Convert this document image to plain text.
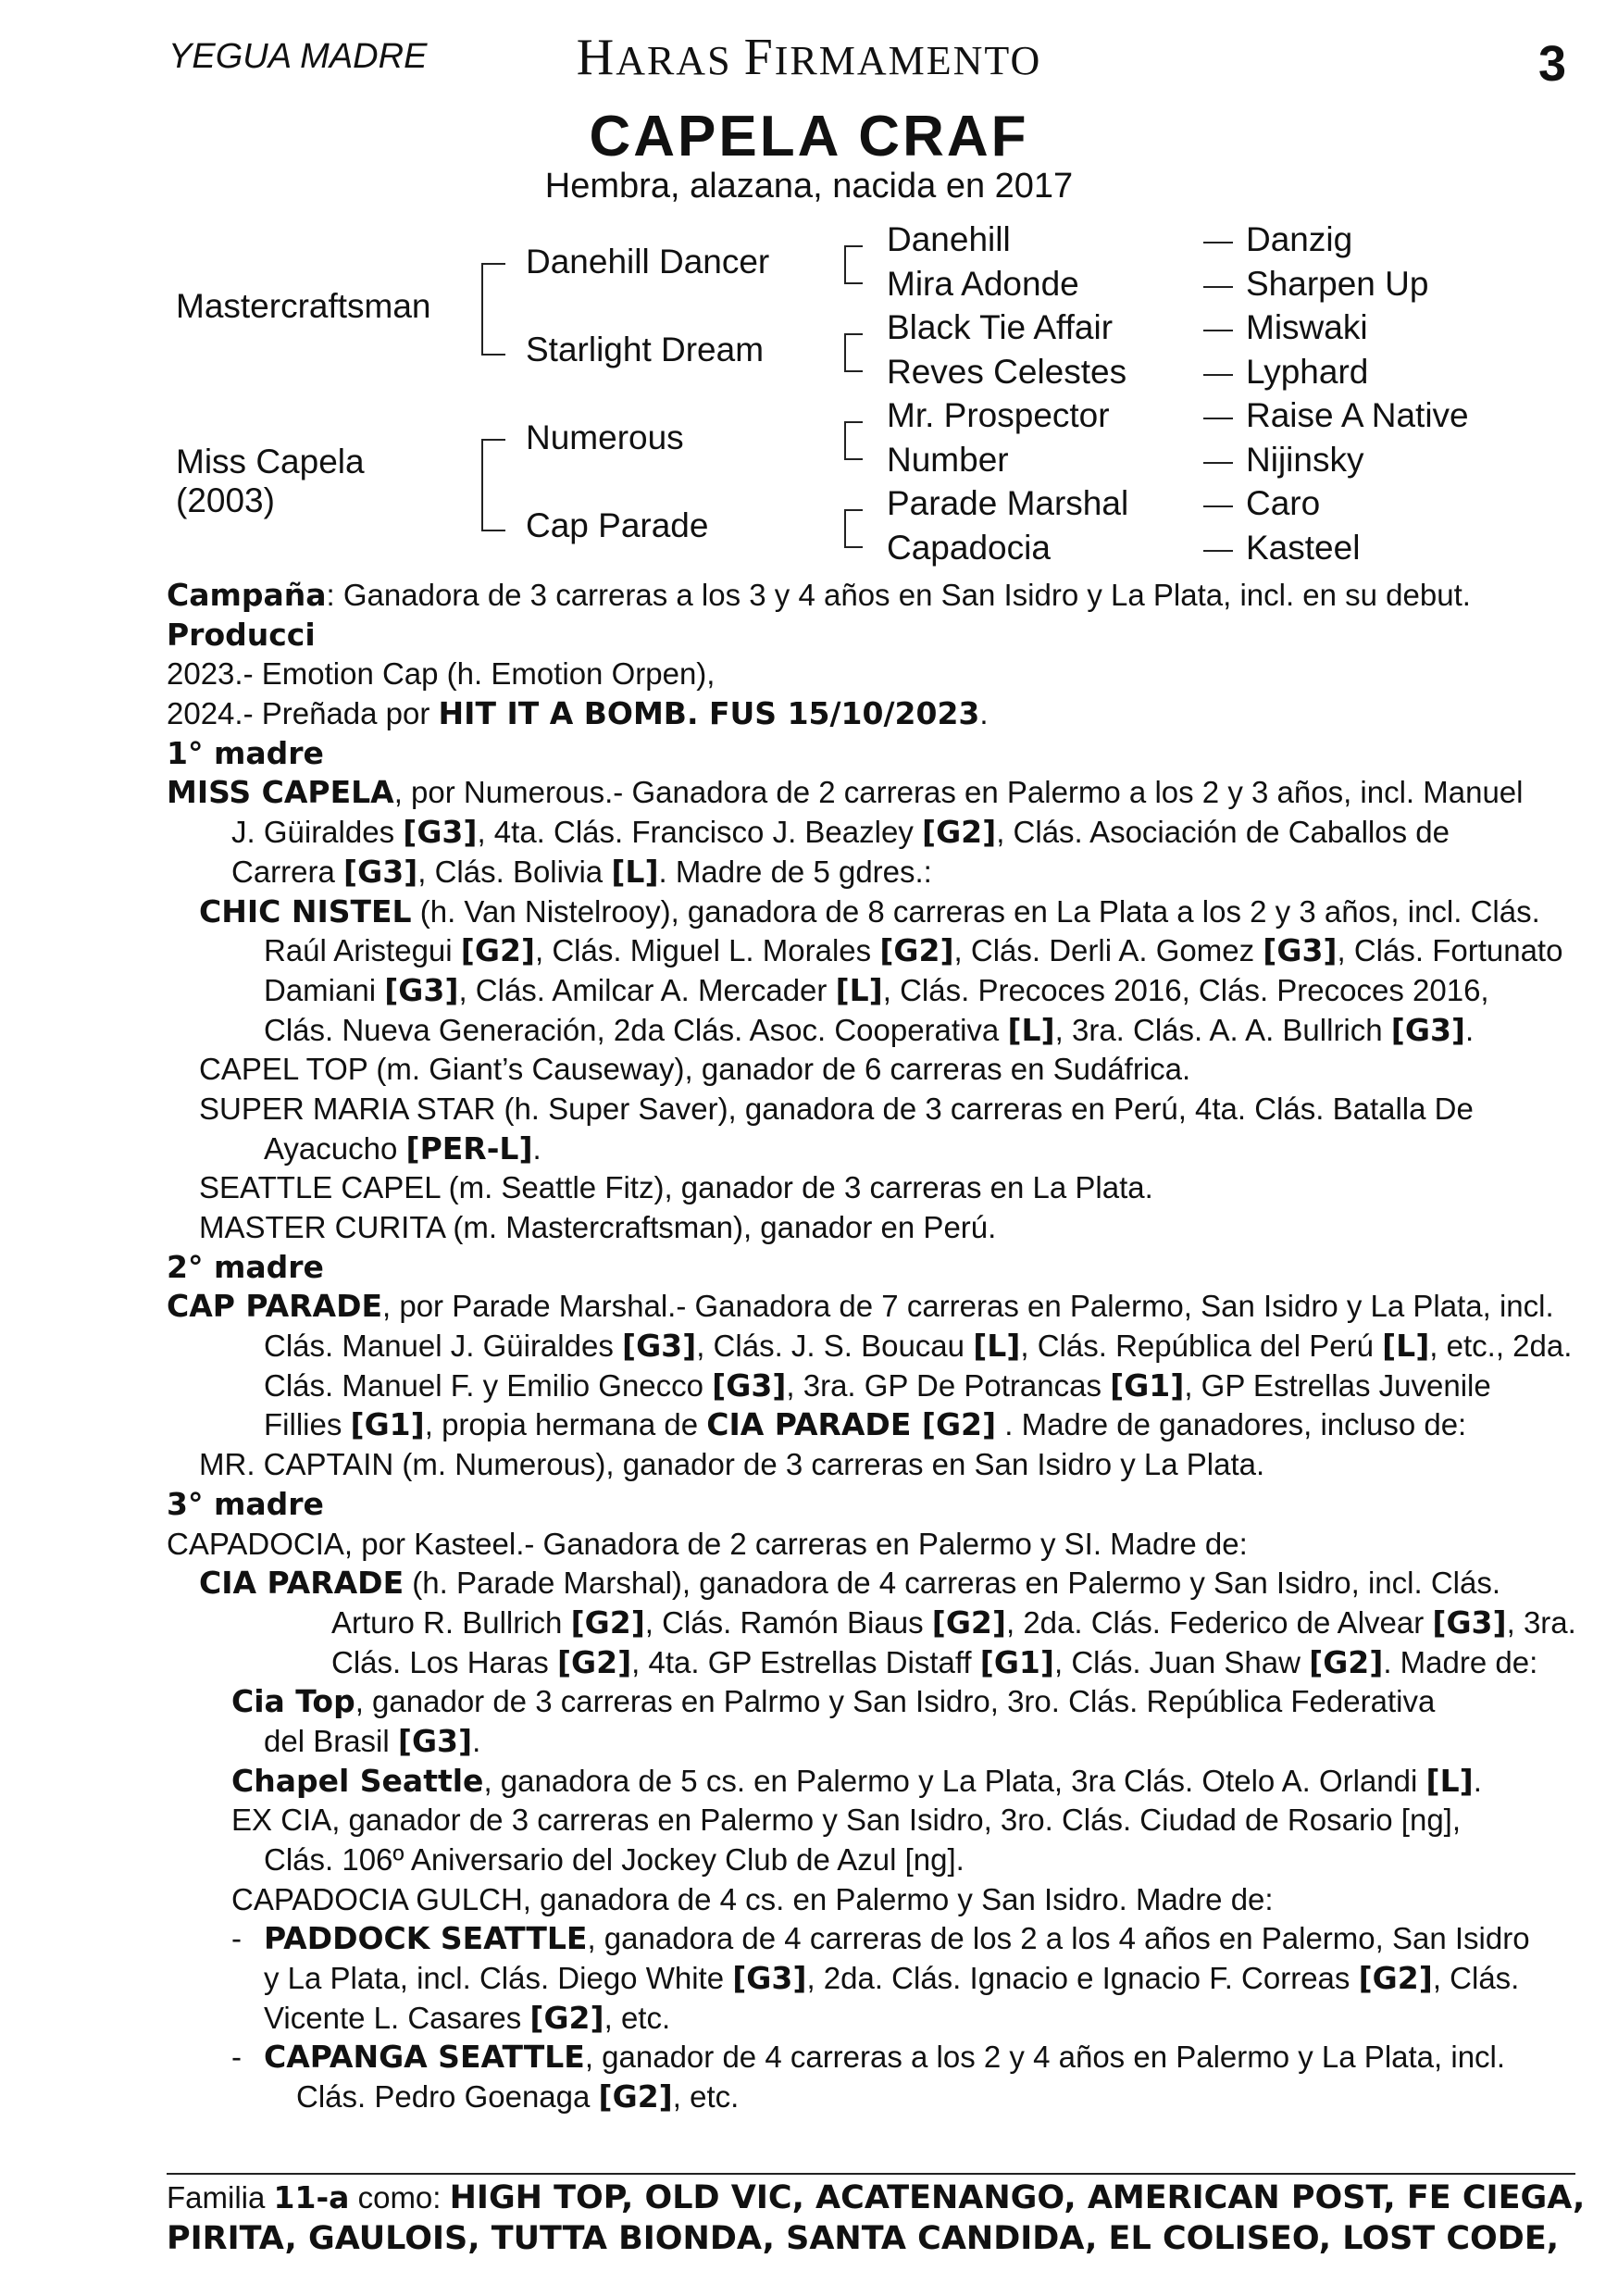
YEGUA MADRE	HARAS FIRMAMENTO	3
CAPELA CRAF
Hembra, alazana, nacida en 2017
Mastercraftsman
Miss Capela
(2003)
Danehill Dancer
Starlight Dream
Numerous
Cap Parade
Danehill
Mira Adonde
Black Tie Affair
Reves Celestes
Mr. Prospector
Number
Parade Marshal
Capadocia
Danzig
Sharpen Up
Miswaki
Lyphard
Raise A Native
Nijinsky
Caro
Kasteel
Campaña: Ganadora de 3 carreras a los 3 y 4 años en San Isidro y La Plata, incl. en su debut.
Producci
2023.- Emotion Cap (h. Emotion Orpen),
2024.- Preñada por HIT IT A BOMB. FUS 15/10/2023.
1° madre
MISS CAPELA, por Numerous.- Ganadora de 2 carreras en Palermo a los 2 y 3 años, incl. Manuel
J. Güiraldes [G3], 4ta. Clás. Francisco J. Beazley [G2], Clás. Asociación de Caballos de
Carrera [G3], Clás. Bolivia [L]. Madre de 5 gdres.:
CHIC NISTEL (h. Van Nistelrooy), ganadora de 8 carreras en La Plata a los 2 y 3 años, incl. Clás.
Raúl Aristegui [G2], Clás. Miguel L. Morales [G2], Clás. Derli A. Gomez [G3], Clás. Fortunato
Damiani [G3], Clás. Amilcar A. Mercader [L], Clás. Precoces 2016, Clás. Precoces 2016,
Clás. Nueva Generación, 2da Clás. Asoc. Cooperativa [L], 3ra. Clás. A. A. Bullrich [G3].
CAPEL TOP (m. Giant’s Causeway), ganador de 6 carreras en Sudáfrica.
SUPER MARIA STAR (h. Super Saver), ganadora de 3 carreras en Perú, 4ta. Clás. Batalla De
Ayacucho [PER-L].
SEATTLE CAPEL (m. Seattle Fitz), ganador de 3 carreras en La Plata.
MASTER CURITA (m. Mastercraftsman), ganador en Perú.
2° madre
CAP PARADE, por Parade Marshal.- Ganadora de 7 carreras en Palermo, San Isidro y La Plata, incl.
Clás. Manuel J. Güiraldes [G3], Clás. J. S. Boucau [L], Clás. República del Perú [L], etc., 2da.
Clás. Manuel F. y Emilio Gnecco [G3], 3ra. GP De Potrancas [G1], GP Estrellas Juvenile
Fillies [G1], propia hermana de CIA PARADE [G2] . Madre de ganadores, incluso de:
MR. CAPTAIN (m. Numerous), ganador de 3 carreras en San Isidro y La Plata.
3° madre
CAPADOCIA, por Kasteel.- Ganadora de 2 carreras en Palermo y SI. Madre de:
CIA PARADE (h. Parade Marshal), ganadora de 4 carreras en Palermo y San Isidro, incl. Clás.
Arturo R. Bullrich [G2], Clás. Ramón Biaus [G2], 2da. Clás. Federico de Alvear [G3], 3ra.
Clás. Los Haras [G2], 4ta. GP Estrellas Distaff [G1], Clás. Juan Shaw [G2]. Madre de:
Cia Top, ganador de 3 carreras en Palrmo y San Isidro, 3ro. Clás. República Federativa
del Brasil [G3].
Chapel Seattle, ganadora de 5 cs. en Palermo y La Plata, 3ra Clás. Otelo A. Orlandi [L].
EX CIA, ganador de 3 carreras en Palermo y San Isidro, 3ro. Clás. Ciudad de Rosario [ng],
Clás. 106º Aniversario del Jockey Club de Azul [ng].
CAPADOCIA GULCH, ganadora de 4 cs. en Palermo y San Isidro. Madre de:
- PADDOCK SEATTLE, ganadora de 4 carreras de los 2 a los 4 años en Palermo, San Isidro
y La Plata, incl. Clás. Diego White [G3], 2da. Clás. Ignacio e Ignacio F. Correas [G2], Clás.
Vicente L. Casares [G2], etc.
- CAPANGA SEATTLE, ganador de 4 carreras a los 2 y 4 años en Palermo y La Plata, incl.
Clás. Pedro Goenaga [G2], etc.
Familia 11-a como: HIGH TOP, OLD VIC, ACATENANGO, AMERICAN POST, FE CIEGA,
PIRITA, GAULOIS, TUTTA BIONDA, SANTA CANDIDA, EL COLISEO, LOST CODE,
